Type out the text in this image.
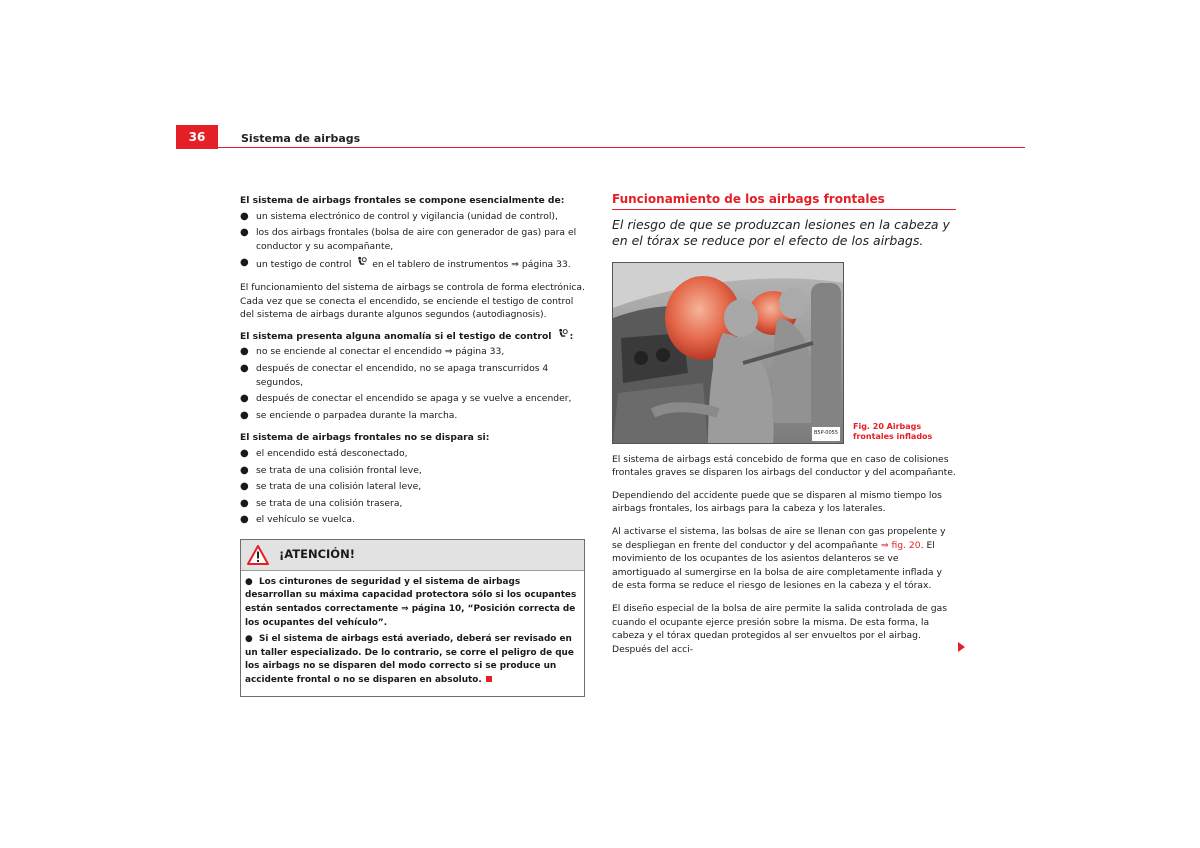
36	Sistema de airbags

El sistema de airbags frontales se compone esencialmente de:

● un sistema electrónico de control y vigilancia (unidad de control),
● los dos airbags frontales (bolsa de aire con generador de gas) para el conductor y su acompañante,
● un testigo de control en el tablero de instrumentos ⇒ página 33.

El funcionamiento del sistema de airbags se controla de forma electrónica. Cada vez que se conecta el encendido, se enciende el testigo de control del sistema de airbags durante algunos segundos (autodiagnosis).

El sistema presenta alguna anomalía si el testigo de control :

● no se enciende al conectar el encendido ⇒ página 33,
● después de conectar el encendido, no se apaga transcurridos 4 segundos,
● después de conectar el encendido se apaga y se vuelve a encender,
● se enciende o parpadea durante la marcha.

El sistema de airbags frontales no se dispara si:

● el encendido está desconectado,
● se trata de una colisión frontal leve,
● se trata de una colisión lateral leve,
● se trata de una colisión trasera,
● el vehículo se vuelca.
¡ATENCIÓN!
● Los cinturones de seguridad y el sistema de airbags desarrollan su máxima capacidad protectora sólo si los ocupantes están sentados correctamente ⇒ página 10, “Posición correcta de los ocupantes del vehículo”.
● Si el sistema de airbags está averiado, deberá ser revisado en un taller especializado. De lo contrario, se corre el peligro de que los airbags no se disparen del modo correcto si se produce un accidente frontal o no se disparen en absoluto.
Funcionamiento de los airbags frontales

El riesgo de que se produzcan lesiones en la cabeza y en el tórax se reduce por el efecto de los airbags.

B5P-0055
Fig. 20 Airbags frontales inflados

El sistema de airbags está concebido de forma que en caso de colisiones frontales graves se disparen los airbags del conductor y del acompañante.

Dependiendo del accidente puede que se disparen al mismo tiempo los airbags frontales, los airbags para la cabeza y los laterales.

Al activarse el sistema, las bolsas de aire se llenan con gas propelente y se despliegan en frente del conductor y del acompañante ⇒ fig. 20. El movimiento de los ocupantes de los asientos delanteros se ve amortiguado al sumergirse en la bolsa de aire completamente inflada y de esta forma se reduce el riesgo de lesiones en la cabeza y el tórax.

El diseño especial de la bolsa de aire permite la salida controlada de gas cuando el ocupante ejerce presión sobre la misma. De esta forma, la cabeza y el tórax quedan protegidos al ser envueltos por el airbag. Después del acci-
